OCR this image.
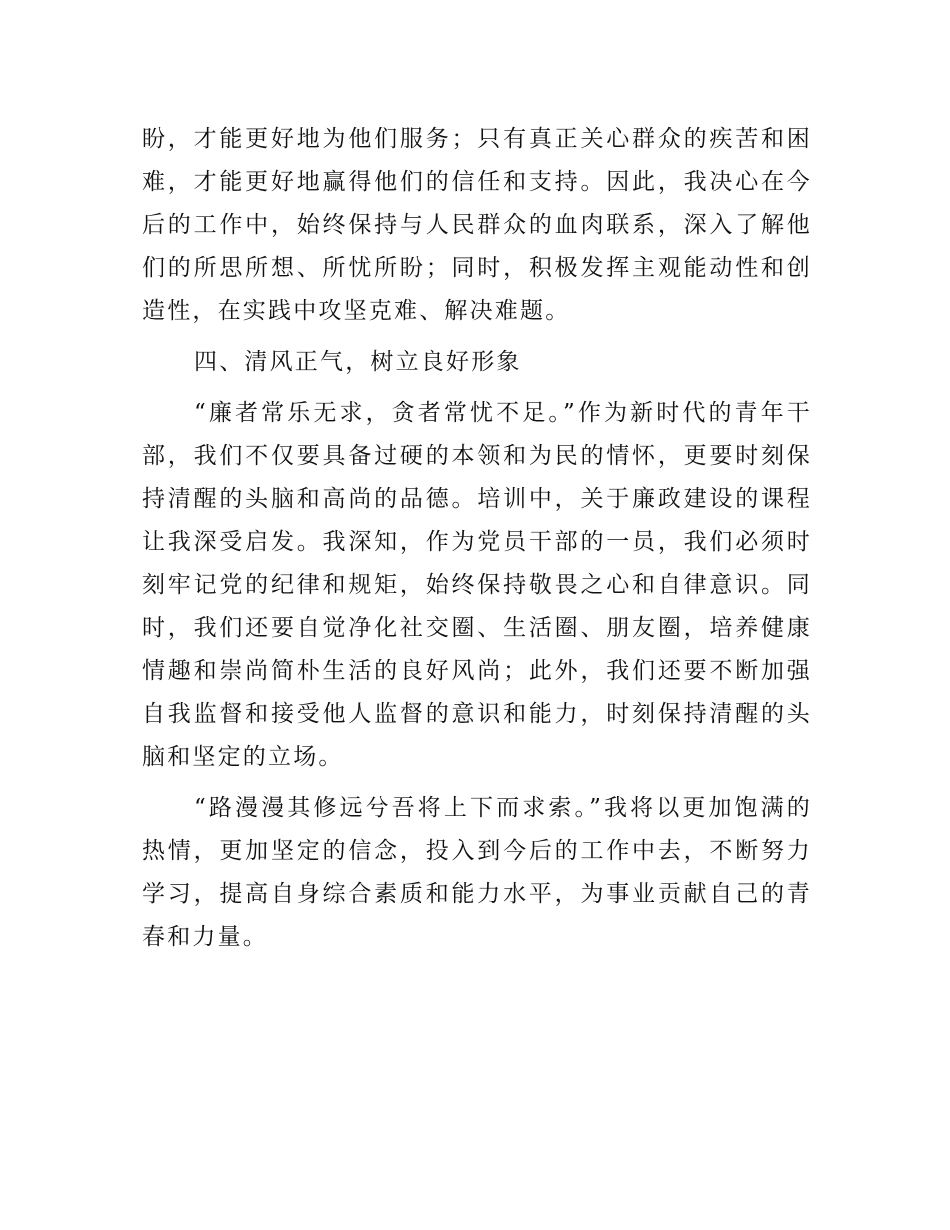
盼，才能更好地为他们服务；只有真正关心群众的疾苦和困难，才能更好地赢得他们的信任和支持。因此，我决心在今后的工作中，始终保持与人民群众的血肉联系，深入了解他们的所思所想、所忧所盼；同时，积极发挥主观能动性和创造性，在实践中攻坚克难、解决难题。

四、清风正气，树立良好形象

“廉者常乐无求，贪者常忧不足。”作为新时代的青年干部，我们不仅要具备过硬的本领和为民的情怀，更要时刻保持清醒的头脑和高尚的品德。培训中，关于廉政建设的课程让我深受启发。我深知，作为党员干部的一员，我们必须时刻牢记党的纪律和规矩，始终保持敬畏之心和自律意识。同时，我们还要自觉净化社交圈、生活圈、朋友圈，培养健康情趣和崇尚简朴生活的良好风尚；此外，我们还要不断加强自我监督和接受他人监督的意识和能力，时刻保持清醒的头脑和坚定的立场。

“路漫漫其修远兮吾将上下而求索。”我将以更加饱满的热情，更加坚定的信念，投入到今后的工作中去，不断努力学习，提高自身综合素质和能力水平，为事业贡献自己的青春和力量。
